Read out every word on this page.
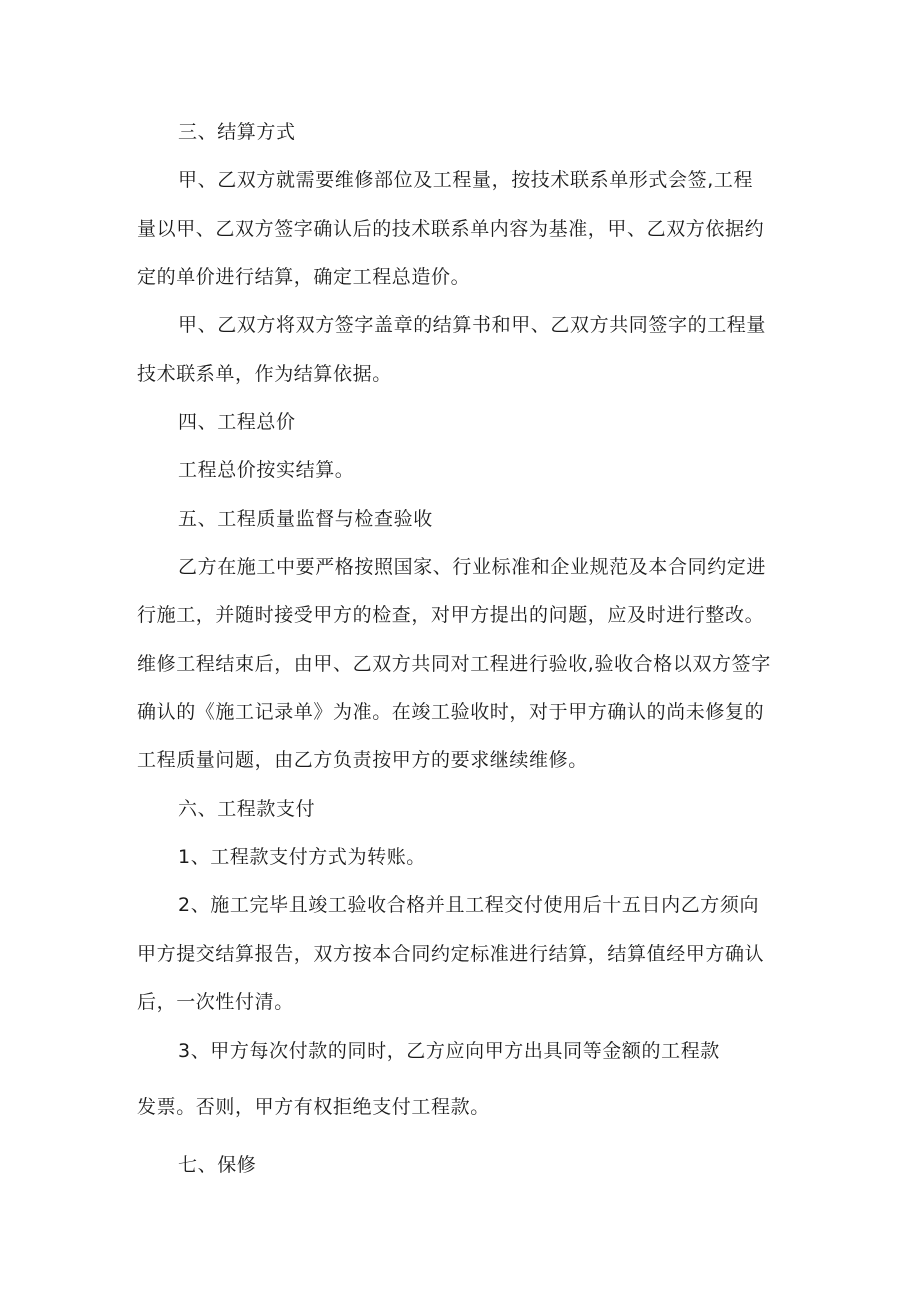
三、结算方式
甲、乙双方就需要维修部位及工程量，按技术联系单形式会签,工程
量以甲、乙双方签字确认后的技术联系单内容为基准，甲、乙双方依据约
定的单价进行结算，确定工程总造价。
甲、乙双方将双方签字盖章的结算书和甲、乙双方共同签字的工程量
技术联系单，作为结算依据。
四、工程总价
工程总价按实结算。
五、工程质量监督与检查验收
乙方在施工中要严格按照国家、行业标准和企业规范及本合同约定进
行施工，并随时接受甲方的检查，对甲方提出的问题，应及时进行整改。
维修工程结束后，由甲、乙双方共同对工程进行验收,验收合格以双方签字
确认的《施工记录单》为准。在竣工验收时，对于甲方确认的尚未修复的
工程质量问题，由乙方负责按甲方的要求继续维修。
六、工程款支付
1、工程款支付方式为转账。
2、施工完毕且竣工验收合格并且工程交付使用后十五日内乙方须向
甲方提交结算报告，双方按本合同约定标准进行结算，结算值经甲方确认
后，一次性付清。
3、甲方每次付款的同时，乙方应向甲方出具同等金额的工程款
发票。否则，甲方有权拒绝支付工程款。
七、保修
